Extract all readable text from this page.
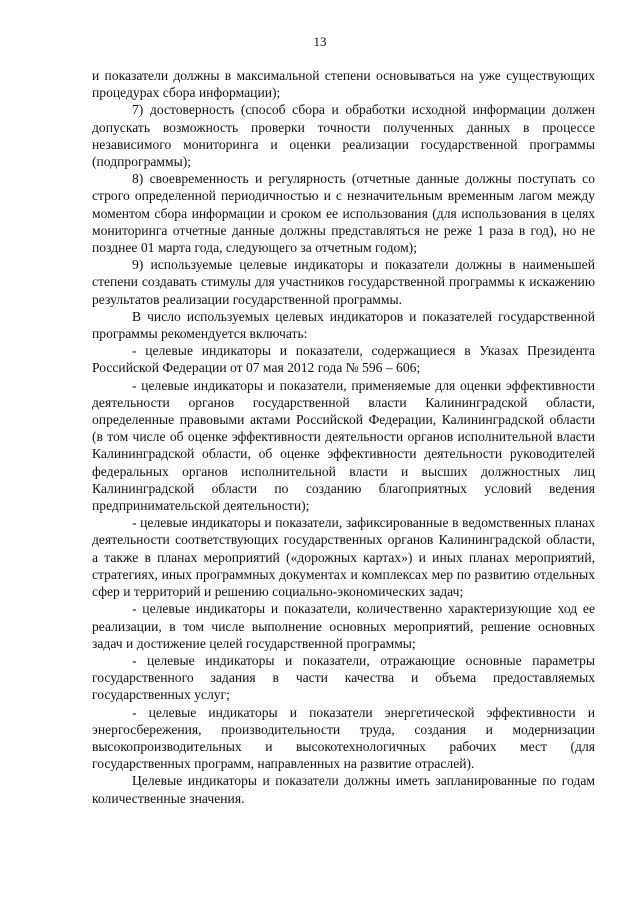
13

и показатели должны в максимальной степени основываться на уже существующих процедурах сбора информации);

7) достоверность (способ сбора и обработки исходной информации должен допускать возможность проверки точности полученных данных в процессе независимого мониторинга и оценки реализации государственной программы (подпрограммы);

8) своевременность и регулярность (отчетные данные должны поступать со строго определенной периодичностью и с незначительным временным лагом между моментом сбора информации и сроком ее использования (для использования в целях мониторинга отчетные данные должны представляться не реже 1 раза в год), но не позднее 01 марта года, следующего за отчетным годом);

9) используемые целевые индикаторы и показатели должны в наименьшей степени создавать стимулы для участников государственной программы к искажению результатов реализации государственной программы.

В число используемых целевых индикаторов и показателей государственной программы рекомендуется включать:

- целевые индикаторы и показатели, содержащиеся в Указах Президента Российской Федерации от 07 мая 2012 года № 596 – 606;

- целевые индикаторы и показатели, применяемые для оценки эффективности деятельности органов государственной власти Калининградской области, определенные правовыми актами Российской Федерации, Калининградской области (в том числе об оценке эффективности деятельности органов исполнительной власти Калининградской области, об оценке эффективности деятельности руководителей федеральных органов исполнительной власти и высших должностных лиц Калининградской области по созданию благоприятных условий ведения предпринимательской деятельности);

- целевые индикаторы и показатели, зафиксированные в ведомственных планах деятельности соответствующих государственных органов Калининградской области, а также в планах мероприятий («дорожных картах») и иных планах мероприятий, стратегиях, иных программных документах и комплексах мер по развитию отдельных сфер и территорий и решению социально-экономических задач;

- целевые индикаторы и показатели, количественно характеризующие ход ее реализации, в том числе выполнение основных мероприятий, решение основных задач и достижение целей государственной программы;

- целевые индикаторы и показатели, отражающие основные параметры государственного задания в части качества и объема предоставляемых государственных услуг;

- целевые индикаторы и показатели энергетической эффективности и энергосбережения, производительности труда, создания и модернизации высокопроизводительных и высокотехнологичных рабочих мест (для государственных программ, направленных на развитие отраслей).

Целевые индикаторы и показатели должны иметь запланированные по годам количественные значения.
